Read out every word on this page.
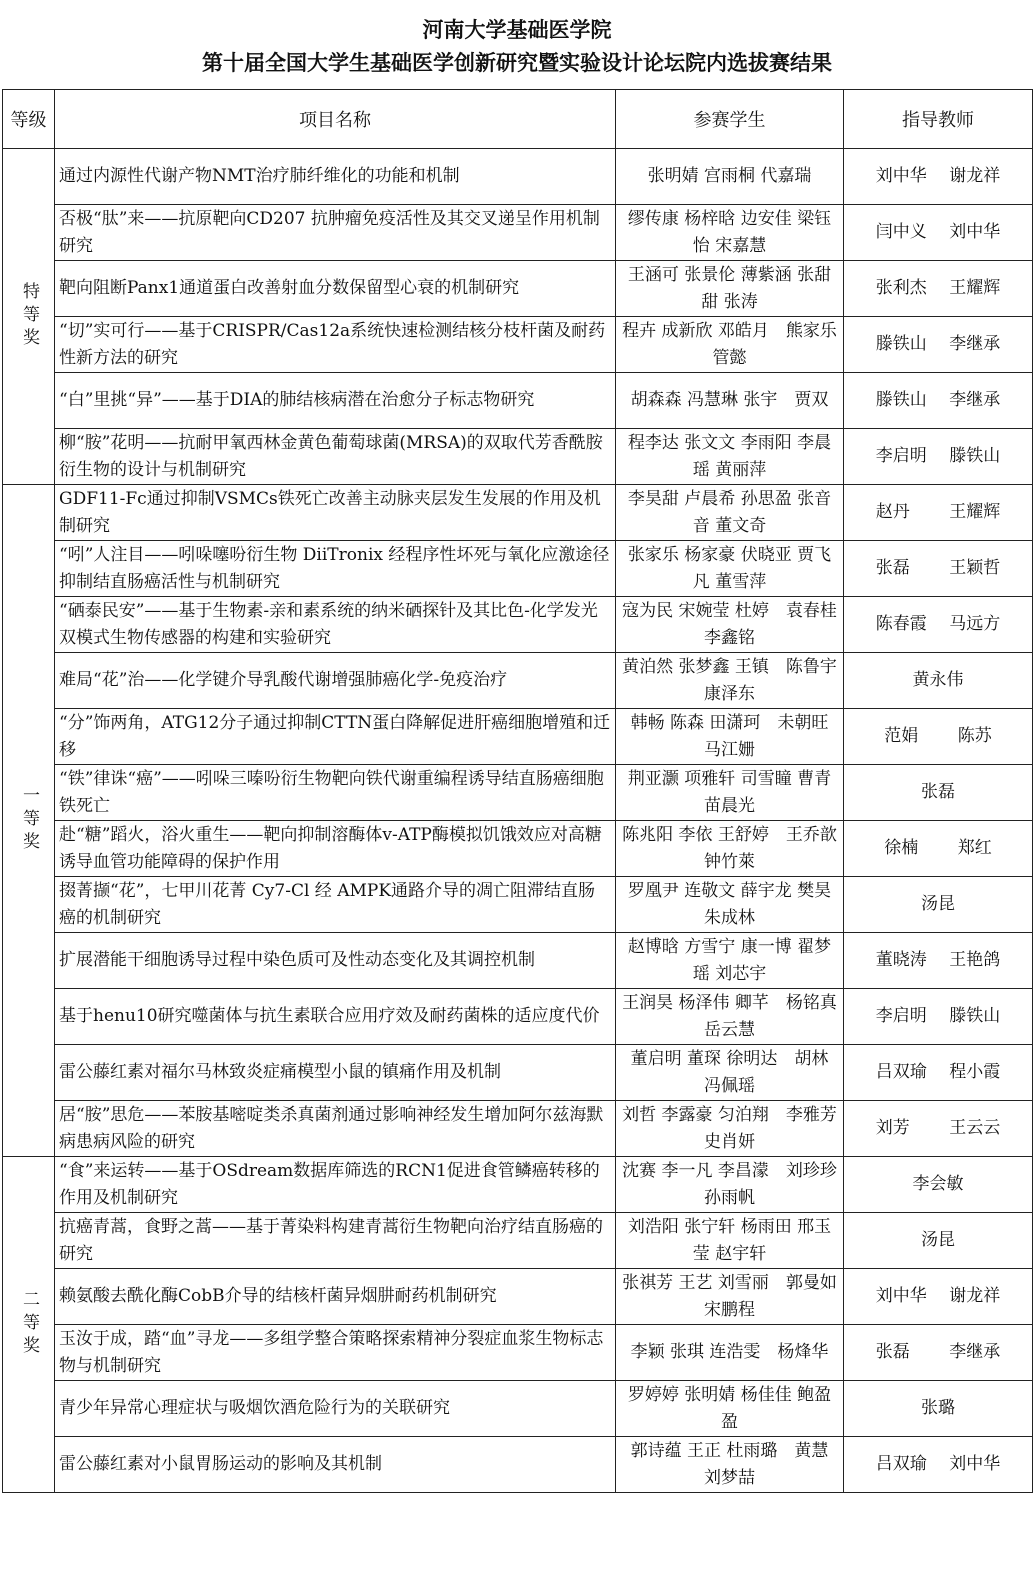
河南大学基础医学院
第十届全国大学生基础医学创新研究暨实验设计论坛院内选拔赛结果
等级	项目名称	参赛学生	指导教师
特等奖	通过内源性代谢产物NMT治疗肺纤维化的功能和机制	张明婧 宫雨桐 代嘉瑞	刘中华　 谢龙祥
	否极“肽”来——抗原靶向CD207 抗肿瘤免疫活性及其交叉递呈作用机制研究	缪传康 杨梓晗 边安佳 梁钰怡 宋嘉慧	闫中义　 刘中华
	靶向阻断Panx1通道蛋白改善射血分数保留型心衰的机制研究	王涵可 张景伦 薄紫涵 张甜甜 张涛	张利杰　 王耀辉
	“切”实可行——基于CRISPR/Cas12a系统快速检测结核分枝杆菌及耐药性新方法的研究	程卉 成新欣 邓皓月　熊家乐 管懿	滕铁山　 李继承
	“白”里挑“异”——基于DIA的肺结核病潜在治愈分子标志物研究	胡森森 冯慧琳 张宇　贾双	滕铁山　 李继承
	柳“胺”花明——抗耐甲氧西林金黄色葡萄球菌(MRSA)的双取代芳香酰胺衍生物的设计与机制研究	程李达 张文文 李雨阳 李晨瑶 黄丽萍	李启明　 滕铁山
一等奖	GDF11-Fc通过抑制VSMCs铁死亡改善主动脉夹层发生发展的作用及机制研究	李昊甜 卢晨希 孙思盈 张音音 董文奇	赵丹　　 王耀辉
	“吲”人注目——吲哚噻吩衍生物 DiiTronix 经程序性坏死与氧化应激途径抑制结直肠癌活性与机制研究	张家乐 杨家豪 伏晓亚 贾飞凡 董雪萍	张磊　　 王颖哲
	“硒泰民安”——基于生物素-亲和素系统的纳米硒探针及其比色-化学发光双模式生物传感器的构建和实验研究	寇为民 宋婉莹 杜婷　袁春桂 李鑫铭	陈春霞　 马远方
	难局“花”治——化学键介导乳酸代谢增强肺癌化学-免疫治疗	黄泊然 张梦鑫 王镇　陈鲁宇 康泽东	黄永伟
	“分”饰两角，ATG12分子通过抑制CTTN蛋白降解促进肝癌细胞增殖和迁移	韩畅 陈森 田潇珂　未朝旺 马江姗	范娟　　 陈苏
	“铁”律诛“癌”——吲哚三嗪吩衍生物靶向铁代谢重编程诱导结直肠癌细胞铁死亡	荆亚灏 项雅轩 司雪瞳 曹青 苗晨光	张磊
	赴“糖”蹈火，浴火重生——靶向抑制溶酶体v-ATP酶模拟饥饿效应对高糖诱导血管功能障碍的保护作用	陈兆阳 李依 王舒婷　王乔歆 钟竹萊	徐楠　　 郑红
	掇菁撷“花”，七甲川花菁 Cy7-Cl 经 AMPK通路介导的凋亡阻滞结直肠癌的机制研究	罗凰尹 连敬文 薛宇龙 樊昊 朱成林	汤昆
	扩展潜能干细胞诱导过程中染色质可及性动态变化及其调控机制	赵博晗 方雪宁 康一博 翟梦瑶 刘芯宇	董晓涛　 王艳鸽
	基于henu10研究噬菌体与抗生素联合应用疗效及耐药菌株的适应度代价	王润昊 杨泽伟 卿芊　杨铭真 岳云慧	李启明　 滕铁山
	雷公藤红素对福尔马林致炎症痛模型小鼠的镇痛作用及机制	董启明 董琛 徐明达　胡林 冯佩瑶	吕双瑜　 程小霞
	居“胺”思危——苯胺基嘧啶类杀真菌剂通过影响神经发生增加阿尔兹海默病患病风险的研究	刘哲 李露豪 匀泊翔　李雅芳 史肖妍	刘芳　　 王云云
二等奖	“食”来运转——基于OSdream数据库筛选的RCN1促进食管鳞癌转移的作用及机制研究	沈赛 李一凡 李昌濛　刘珍珍 孙雨帆	李会敏
	抗癌青蒿，食野之蒿——基于菁染料构建青蒿衍生物靶向治疗结直肠癌的研究	刘浩阳 张宁轩 杨雨田 邢玉莹 赵宇轩	汤昆
	赖氨酸去酰化酶CobB介导的结核杆菌异烟肼耐药机制研究	张祺芳 王艺 刘雪丽　郭曼如 宋鹏程	刘中华　 谢龙祥
	玉汝于成，踏“血”寻龙——多组学整合策略探索精神分裂症血浆生物标志物与机制研究	李颖 张琪 连浩雯　杨烽华	张磊　　 李继承
	青少年异常心理症状与吸烟饮酒危险行为的关联研究	罗婷婷 张明婧 杨佳佳 鲍盈盈	张璐
	雷公藤红素对小鼠胃肠运动的影响及其机制	郭诗蕴 王正 杜雨璐　黄慧 刘梦喆	吕双瑜　 刘中华
